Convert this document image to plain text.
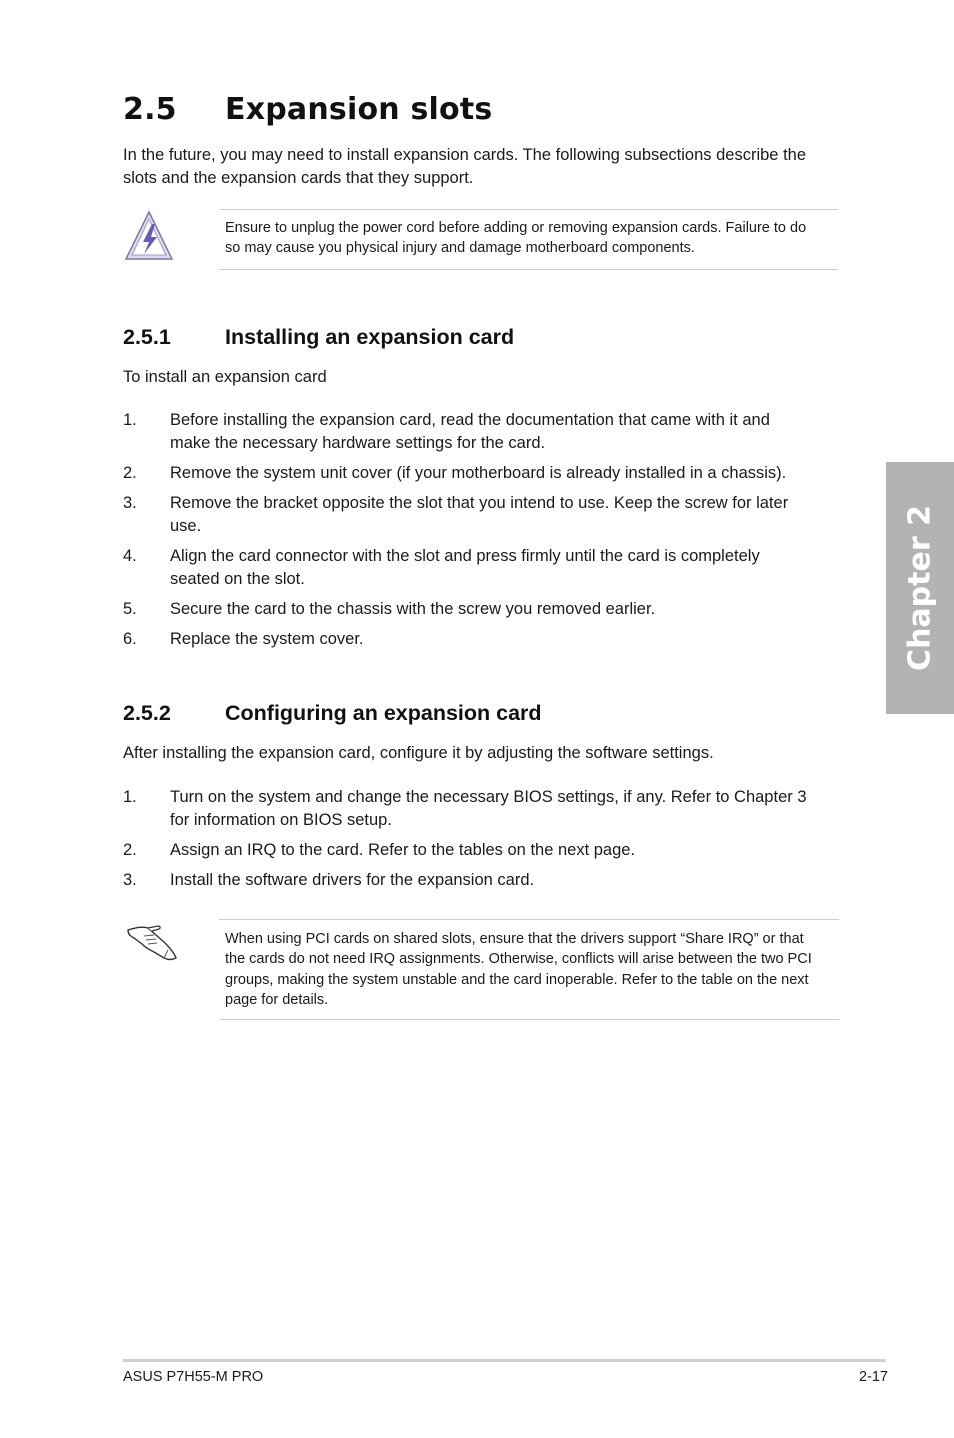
2.5 Expansion slots
In the future, you may need to install expansion cards. The following subsections describe the slots and the expansion cards that they support.
Ensure to unplug the power cord before adding or removing expansion cards. Failure to do
so may cause you physical injury and damage motherboard components.
2.5.1	Installing an expansion card
To install an expansion card
1. Before installing the expansion card, read the documentation that came with it and
make the necessary hardware settings for the card.
2. Remove the system unit cover (if your motherboard is already installed in a chassis).
3. Remove the bracket opposite the slot that you intend to use. Keep the screw for later
use.
4. Align the card connector with the slot and press firmly until the card is completely
seated on the slot.
5. Secure the card to the chassis with the screw you removed earlier.
6. Replace the system cover.
2.5.2	Configuring an expansion card
After installing the expansion card, configure it by adjusting the software settings.
1. Turn on the system and change the necessary BIOS settings, if any. Refer to Chapter 3
for information on BIOS setup.
2. Assign an IRQ to the card. Refer to the tables on the next page.
3. Install the software drivers for the expansion card.
When using PCI cards on shared slots, ensure that the drivers support “Share IRQ” or that
the cards do not need IRQ assignments. Otherwise, conflicts will arise between the two PCI
groups, making the system unstable and the card inoperable. Refer to the table on the next
page for details.
Chapter 2
ASUS P7H55-M PRO	2-17
